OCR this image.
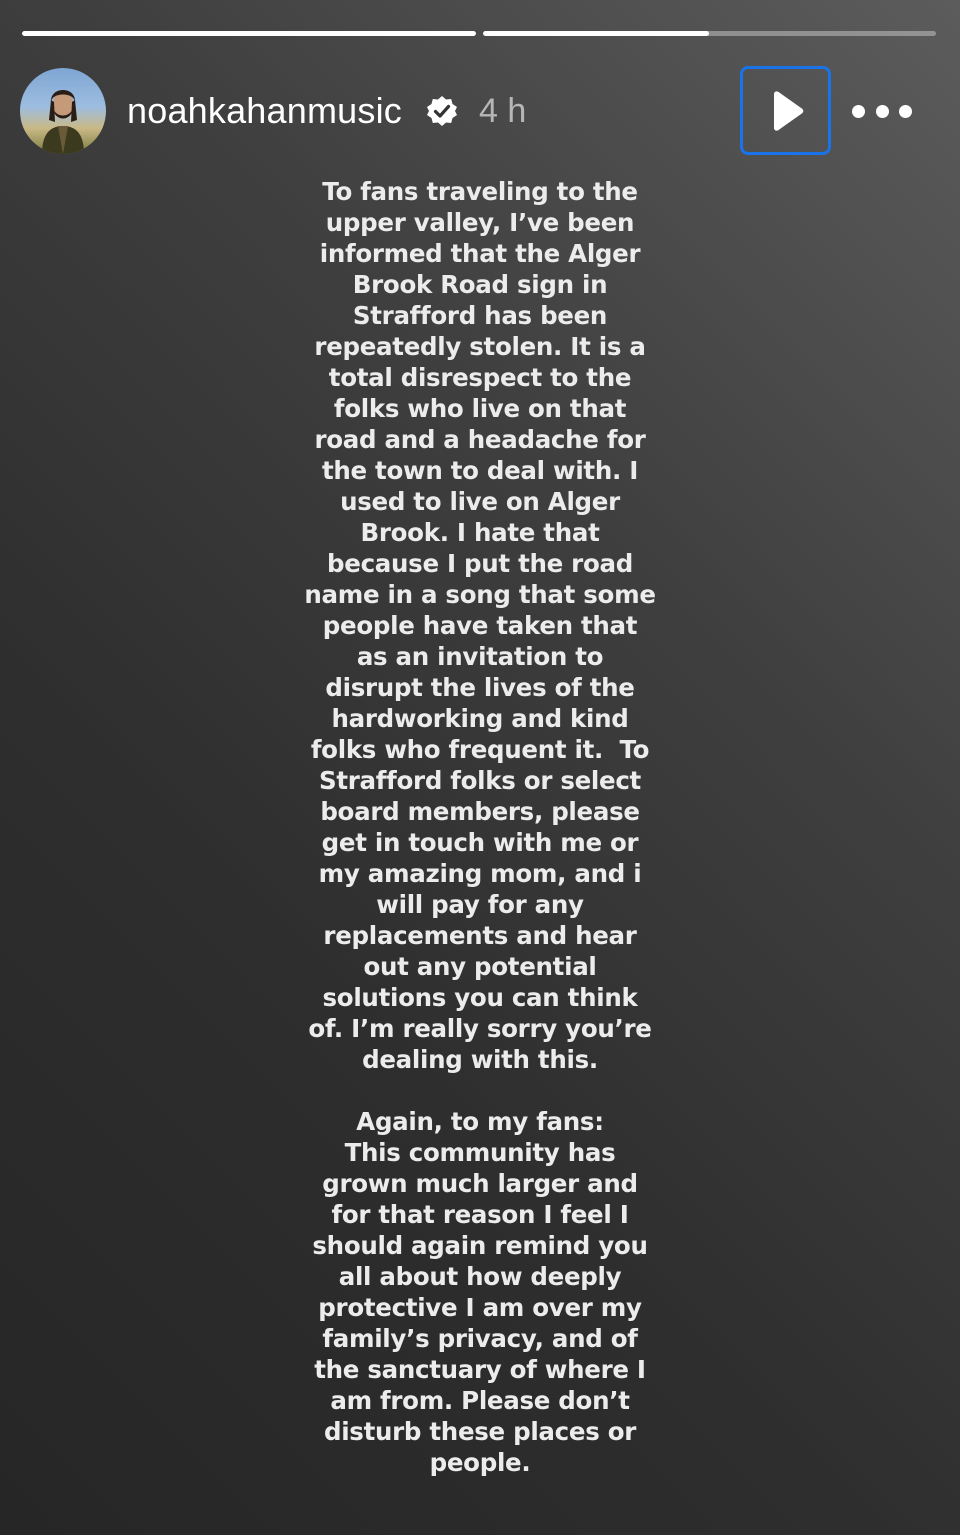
noahkahanmusic 4 h
To fans traveling to the
upper valley, I’ve been
informed that the Alger
Brook Road sign in
Strafford has been
repeatedly stolen. It is a
total disrespect to the
folks who live on that
road and a headache for
the town to deal with. I
used to live on Alger
Brook. I hate that
because I put the road
name in a song that some
people have taken that
as an invitation to
disrupt the lives of the
hardworking and kind
folks who frequent it.  To
Strafford folks or select
board members, please
get in touch with me or
my amazing mom, and i
will pay for any
replacements and hear
out any potential
solutions you can think
of. I’m really sorry you’re
dealing with this.

Again, to my fans:
This community has
grown much larger and
for that reason I feel I
should again remind you
all about how deeply
protective I am over my
family’s privacy, and of
the sanctuary of where I
am from. Please don’t
disturb these places or
people.
